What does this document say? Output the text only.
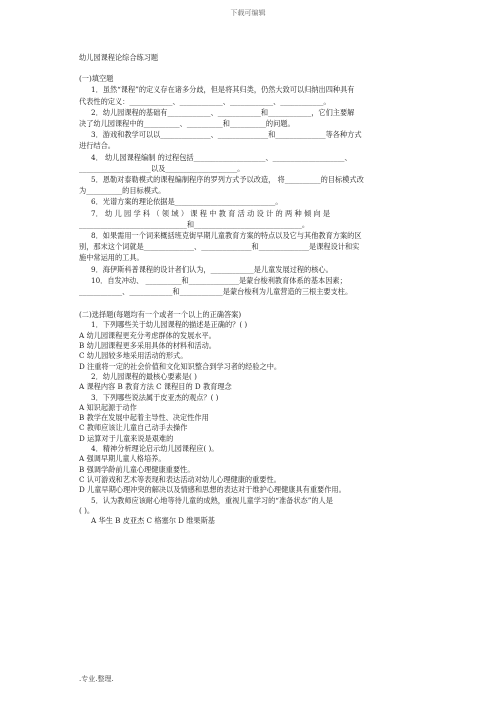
下载可编辑
幼儿园课程论综合练习题
(一)填空题
1．虽然“课程”的定义存在诸多分歧，但是将其归类，仍然大致可以归纳出四种具有
代表性的定义：____________、____________、____________、____________。
2．幼儿园课程的基础有____________、____________和____________，它们主要解
决了幼儿园课程中的__________、__________和__________的问题。
3．游戏和教学可以以______________、______________和______________等各种方式
进行结合。
4． 幼儿园课程编制 的过程包括____________________、____________________、
____________________以及____________________。
5．恩勒对泰勒模式的课程编制程序的罗列方式予以改造， 将__________的目标模式改
为__________的目标模式。
6．光谱方案的理论依据是____________________________。
7． 幼 儿 园 学 科 （ 领 域 ） 课 程 中 教 育 活 动 设 计 的 两 种 倾 向 是
______________________________和______________________________。
8．如果需用一个词来概括班克街早期儿童教育方案的特点以及它与其他教育方案的区
别，那末这个词就是______________、______________和______________是课程设计和实
施中常运用的工具。
9．海伊斯科普课程的设计者们认为，____________是儿童发展过程的核心。
10．自发冲动、 __________和______________是蒙台梭利教育体系的基本因素；
____________、____________和____________是蒙台梭利为儿童营造的三根主要支柱。
(二)选择题(每题均有一个或者一个以上的正确答案)
1．下列哪些关于幼儿园课程的描述是正确的？( )
A 幼儿园课程更充分考虑群体的发展水平。
B 幼儿园课程更多采用具体的材料和活动。
C 幼儿园较多地采用活动的形式。
D 注重将一定的社会价值和文化知识整合到学习者的经验之中。
2．幼儿园课程的最核心要素是( )
A 课程内容 B 教育方法 C 课程目的 D 教育理念
3．下列哪些说法属于皮亚杰的观点？( )
A 知识起源于动作
B 教学在发展中起着主导性、决定性作用
C 教师应该让儿童自己动手去操作
D 运算对于儿童来说是艰难的
4．精神分析理论启示幼儿园课程应( )。
A 强调早期儿童人格培养。
B 强调学龄前儿童心理健康重要性。
C 认可游戏和艺术等表现和表达活动对幼儿心理健康的重要性。
D 儿童早期心理冲突的解决以及情感和思想的表达对于维护心理健康具有重要作用。
5．认为教师应该耐心地等待儿童的成熟，重视儿童学习的“准备状态”的人是
( )。
A 华生 B 皮亚杰 C 格塞尔 D 维果斯基
.专业.整理.
